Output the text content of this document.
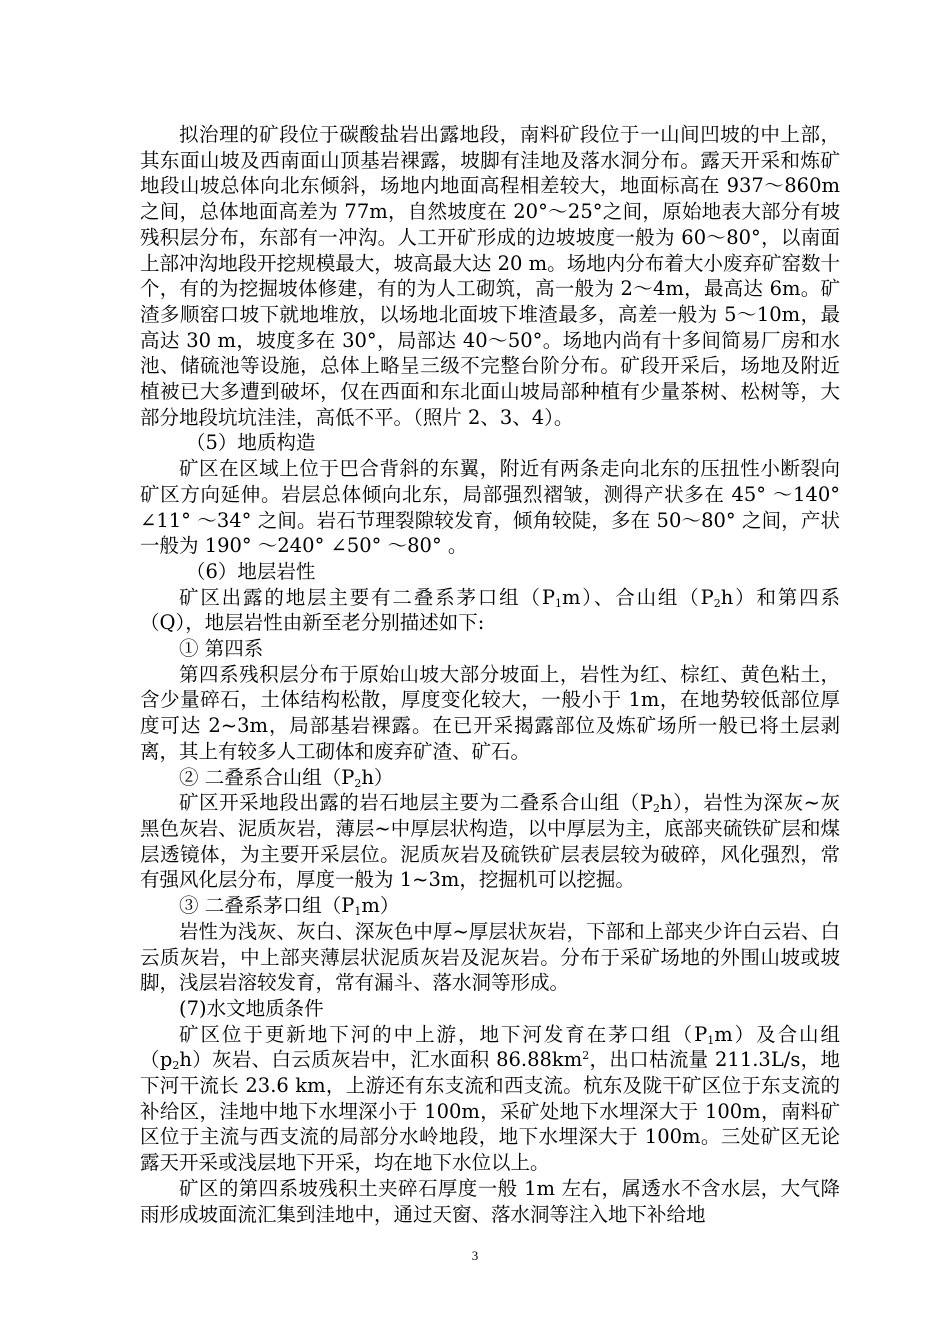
拟治理的矿段位于碳酸盐岩出露地段，南料矿段位于一山间凹坡的中上部，其东面山坡及西南面山顶基岩裸露，坡脚有洼地及落水洞分布。露天开采和炼矿地段山坡总体向北东倾斜，场地内地面高程相差较大，地面标高在 937～860m 之间，总体地面高差为 77m，自然坡度在 20°～25°之间，原始地表大部分有坡残积层分布，东部有一冲沟。人工开矿形成的边坡坡度一般为 60～80°，以南面上部冲沟地段开挖规模最大，坡高最大达 20 m。场地内分布着大小废弃矿窑数十个，有的为挖掘坡体修建，有的为人工砌筑，高一般为 2～4m，最高达 6m。矿渣多顺窑口坡下就地堆放，以场地北面坡下堆渣最多，高差一般为 5～10m，最高达 30 m，坡度多在 30°，局部达 40～50°。场地内尚有十多间简易厂房和水池、储硫池等设施，总体上略呈三级不完整台阶分布。矿段开采后，场地及附近植被已大多遭到破坏，仅在西面和东北面山坡局部种植有少量茶树、松树等，大部分地段坑坑洼洼，高低不平。（照片 2、3、4）。

（5）地质构造

矿区在区域上位于巴合背斜的东翼，附近有两条走向北东的压扭性小断裂向矿区方向延伸。岩层总体倾向北东，局部强烈褶皱，测得产状多在 45° ～140° ∠11° ～34° 之间。岩石节理裂隙较发育，倾角较陡，多在 50～80° 之间，产状一般为 190° ～240° ∠50° ～80° 。

（6）地层岩性

矿区出露的地层主要有二叠系茅口组$(P_1m)$、合山组$(P_2h)$和第四系（Q），地层岩性由新至老分别描述如下:

① 第四系

第四系残积层分布于原始山坡大部分坡面上，岩性为红、棕红、黄色粘土，含少量碎石，土体结构松散，厚度变化较大，一般小于 1m，在地势较低部位厚度可达 2~3m，局部基岩裸露。在已开采揭露部位及炼矿场所一般已将土层剥离，其上有较多人工砌体和废弃矿渣、矿石。

② 二叠系合山组$(P_2h)$

矿区开采地段出露的岩石地层主要为二叠系合山组$(P_2h)$，岩性为深灰~灰黑色灰岩、泥质灰岩，薄层~中厚层状构造，以中厚层为主，底部夹硫铁矿层和煤层透镜体，为主要开采层位。泥质灰岩及硫铁矿层表层较为破碎，风化强烈，常有强风化层分布，厚度一般为 1~3m，挖掘机可以挖掘。

③ 二叠系茅口组$(P_1m)$

岩性为浅灰、灰白、深灰色中厚~厚层状灰岩，下部和上部夹少许白云岩、白云质灰岩，中上部夹薄层状泥质灰岩及泥灰岩。分布于采矿场地的外围山坡或坡脚，浅层岩溶较发育，常有漏斗、落水洞等形成。

(7)水文地质条件

矿区位于更新地下河的中上游，地下河发育在茅口组$(P_1m)$及合山组$(p_2h)$灰岩、白云质灰岩中，汇水面积 $86.88km^2$，出口枯流量 211.3L/s，地下河干流长 23.6 km，上游还有东支流和西支流。杭东及陇干矿区位于东支流的补给区，洼地中地下水埋深小于 100m，采矿处地下水埋深大于 100m，南料矿区位于主流与西支流的局部分水岭地段，地下水埋深大于 100m。三处矿区无论露天开采或浅层地下开采，均在地下水位以上。

矿区的第四系坡残积土夹碎石厚度一般 1m 左右，属透水不含水层，大气降雨形成坡面流汇集到洼地中，通过天窗、落水洞等注入地下补给地

3
